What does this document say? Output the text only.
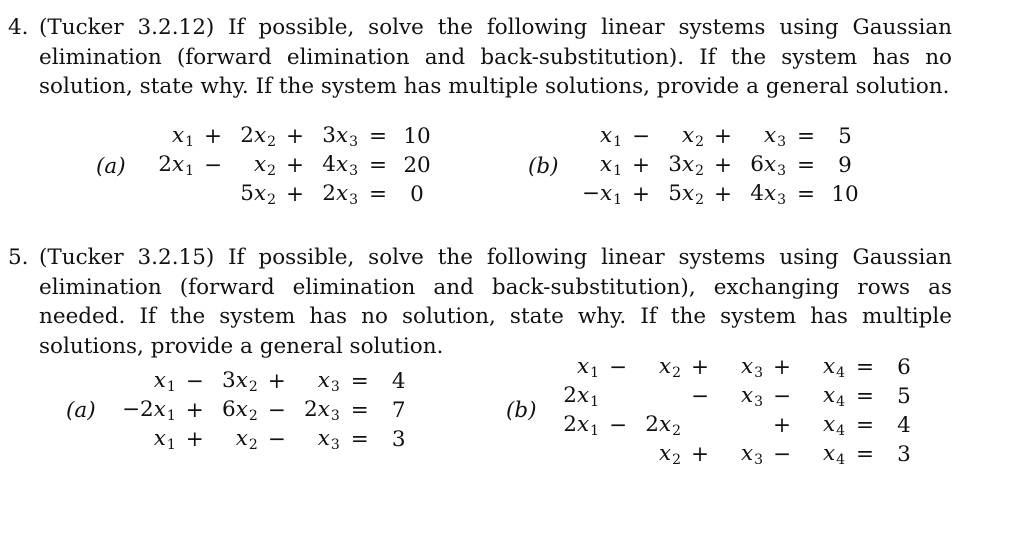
4. (Tucker 3.2.12) If possible, solve the following linear systems using Gaussian elimination (forward elimination and back-substitution). If the system has no solution, state why. If the system has multiple solutions, provide a general solution.
(a)
$x_1$	+	$2x_2$	+	$3x_3$	=	10
$2x_1$	−	$x_2$	+	$4x_3$	=	20
		$5x_2$	+	$2x_3$	=	0
(b)
$x_1$	−	$x_2$	+	$x_3$	=	5
$x_1$	+	$3x_2$	+	$6x_3$	=	9
$-x_1$	+	$5x_2$	+	$4x_3$	=	10
5. (Tucker 3.2.15) If possible, solve the following linear systems using Gaussian elimination (forward elimination and back-substitution), exchanging rows as needed. If the system has no solution, state why. If the system has multiple solutions, provide a general solution.
(a)
$x_1$	−	$3x_2$	+	$x_3$	=	4
$-2x_1$	+	$6x_2$	−	$2x_3$	=	7
$x_1$	+	$x_2$	−	$x_3$	=	3
(b)
$x_1$	−	$x_2$	+	$x_3$	+	$x_4$	=	6
$2x_1$			−	$x_3$	−	$x_4$	=	5
$2x_1$	−	$2x_2$			+	$x_4$	=	4
		$x_2$	+	$x_3$	−	$x_4$	=	3
